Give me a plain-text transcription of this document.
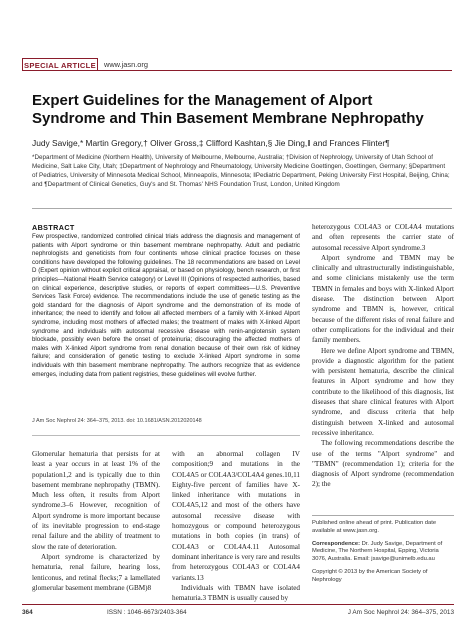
SPECIAL ARTICLE www.jasn.org
Expert Guidelines for the Management of Alport Syndrome and Thin Basement Membrane Nephropathy
Judy Savige,* Martin Gregory,† Oliver Gross,‡ Clifford Kashtan,§ Jie Ding,‖ and Frances Flinter¶
*Department of Medicine (Northern Health), University of Melbourne, Melbourne, Australia; †Division of Nephrology, University of Utah School of Medicine, Salt Lake City, Utah; ‡Department of Nephrology and Rheumatology, University Medicine Goettingen, Goettingen, Germany; §Department of Pediatrics, University of Minnesota Medical School, Minneapolis, Minnesota; ‖Pediatric Department, Peking University First Hospital, Beijing, China; and ¶Department of Clinical Genetics, Guy's and St. Thomas' NHS Foundation Trust, London, United Kingdom
ABSTRACT
Few prospective, randomized controlled clinical trials address the diagnosis and management of patients with Alport syndrome or thin basement membrane nephropathy. Adult and pediatric nephrologists and geneticists from four continents whose clinical practice focuses on these conditions have developed the following guidelines. The 18 recommendations are based on Level D (Expert opinion without explicit critical appraisal, or based on physiology, bench research, or first principles—National Health Service category) or Level III (Opinions of respected authorities, based on clinical experience, descriptive studies, or reports of expert committees—U.S. Preventive Services Task Force) evidence. The recommendations include the use of genetic testing as the gold standard for the diagnosis of Alport syndrome and the demonstration of its mode of inheritance; the need to identify and follow all affected members of a family with X-linked Alport syndrome, including most mothers of affected males; the treatment of males with X-linked Alport syndrome and individuals with autosomal recessive disease with renin-angiotensin system blockade, possibly even before the onset of proteinuria; discouraging the affected mothers of males with X-linked Alport syndrome from renal donation because of their own risk of kidney failure; and consideration of genetic testing to exclude X-linked Alport syndrome in some individuals with thin basement membrane nephropathy. The authors recognize that as evidence emerges, including data from patient registries, these guidelines will evolve further.
J Am Soc Nephrol 24: 364–375, 2013. doi: 10.1681/ASN.2012020148

heterozygous COL4A3 or COL4A4 mutations and often represents the carrier state of autosomal recessive Alport syndrome.3

Alport syndrome and TBMN may be clinically and ultrastructurally indistinguishable, and some clinicians mistakenly use the term TBMN in females and boys with X-linked Alport disease. The distinction between Alport syndrome and TBMN is, however, critical because of the different risks of renal failure and other complications for the individual and their family members.

Here we define Alport syndrome and TBMN, provide a diagnostic algorithm for the patient with persistent hematuria, describe the clinical features in Alport syndrome and how they contribute to the likelihood of this diagnosis, list diseases that share clinical features with Alport syndrome, and discuss criteria that help distinguish between X-linked and autosomal recessive inheritance.

The following recommendations describe the use of the terms "Alport syndrome" and "TBMN" (recommendation 1); criteria for the diagnosis of Alport syndrome (recommendation 2); the

Glomerular hematuria that persists for at least a year occurs in at least 1% of the population1,2 and is typically due to thin basement membrane nephropathy (TBMN). Much less often, it results from Alport syndrome.3–6 However, recognition of Alport syndrome is more important because of its inevitable progression to end-stage renal failure and the ability of treatment to slow the rate of deterioration.

Alport syndrome is characterized by hematuria, renal failure, hearing loss, lenticonus, and retinal flecks;7 a lamellated glomerular basement membrane (GBM)8

with an abnormal collagen IV composition;9 and mutations in the COL4A5 or COL4A3/COL4A4 genes.10,11 Eighty-five percent of families have X-linked inheritance with mutations in COL4A5,12 and most of the others have autosomal recessive disease with homozygous or compound heterozygous mutations in both copies (in trans) of COL4A3 or COL4A4.11 Autosomal dominant inheritance is very rare and results from heterozygous COL4A3 or COL4A4 variants.13

Individuals with TBMN have isolated hematuria.3 TBMN is usually caused by

Published online ahead of print. Publication date available at www.jasn.org.

Correspondence: Dr. Judy Savige, Department of Medicine, The Northern Hospital, Epping, Victoria 3076, Australia. Email: jsavige@unimelb.edu.au

Copyright © 2013 by the American Society of Nephrology

364	ISSN : 1046-6673/2403-364	J Am Soc Nephrol 24: 364–375, 2013
